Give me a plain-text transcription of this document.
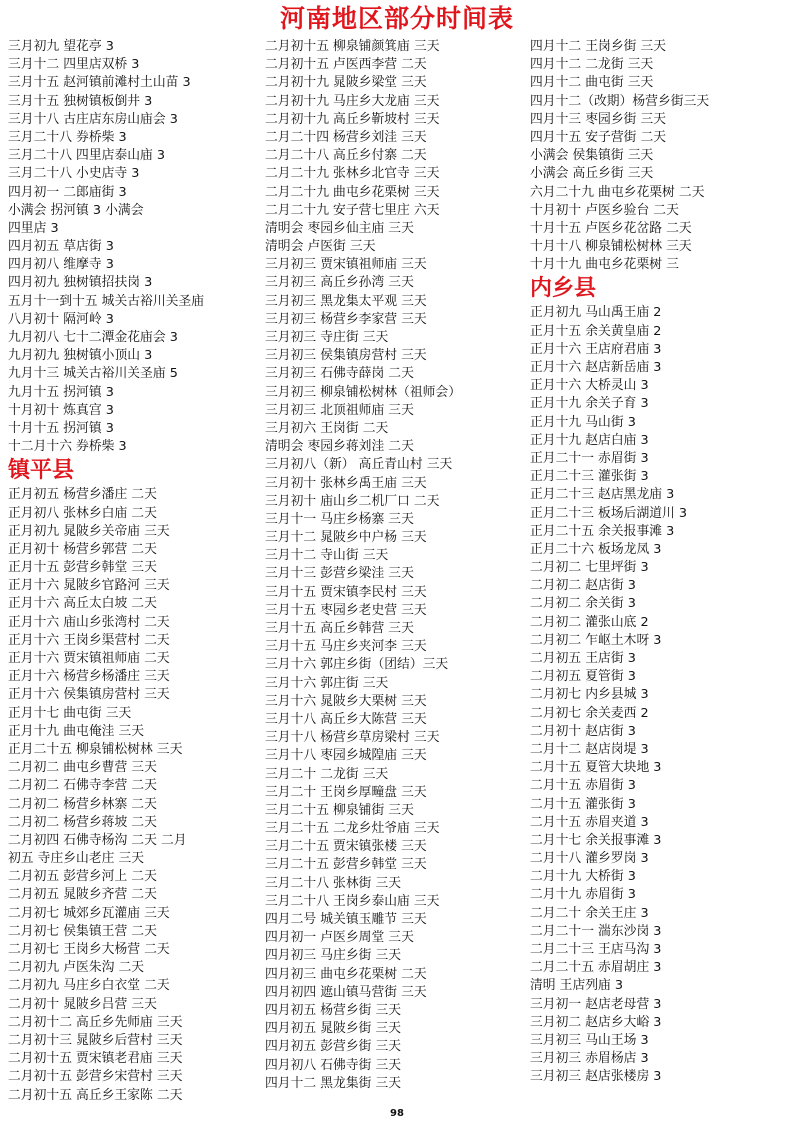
河南地区部分时间表
三月初九 望花亭 3
三月十二 四里店双桥 3
三月十五 赵河镇前滩村土山苗 3
三月十五 独树镇板倒井 3
三月十八 古庄店东房山庙会 3
三月二十八 券桥柴 3
三月二十八 四里店泰山庙 3
三月二十八 小史店寺 3
四月初一 二郎庙街 3
小满会 拐河镇 3 小满会
四里店 3
四月初五 草店街 3
四月初八 维摩寺 3
四月初九 独树镇招扶岗 3
五月十一到十五 城关古裕川关圣庙
八月初十 隔河岭 3
九月初八 七十二潭金花庙会 3
九月初九 独树镇小顶山 3
九月十三 城关古裕川关圣庙 5
九月十五 拐河镇 3
十月初十 炼真宫 3
十月十五 拐河镇 3
十二月十六 券桥柴 3
镇平县
正月初五 杨营乡潘庄 二天
正月初八 张林乡白庙 二天
正月初九 晁陂乡关帝庙 三天
正月初十 杨营乡郭营 二天
正月十五 彭营乡韩堂 三天
正月十六 晁陂乡官路河 三天
正月十六 高丘太白坡 二天
正月十六 庙山乡张湾村 二天
正月十六 王岗乡渠营村 二天
正月十六 贾宋镇祖师庙 二天
正月十六 杨营乡杨潘庄 三天
正月十六 侯集镇房营村 三天
正月十七 曲屯街 三天
正月十九 曲屯俺洼 三天
正月二十五 柳泉铺松树林 三天
二月初二 曲屯乡曹营 三天
二月初二 石佛寺李营 二天
二月初二 杨营乡林寨 二天
二月初二 杨营乡蒋坡 二天
二月初四 石佛寺杨沟 二天 二月
初五 寺庄乡山老庄 三天
二月初五 彭营乡河上 二天
二月初五 晁陂乡齐营 二天
二月初七 城郊乡瓦灌庙 三天
二月初七 侯集镇王营 二天
二月初七 王岗乡大杨营 二天
二月初九 卢医朱沟 二天
二月初九 马庄乡白衣堂 二天
二月初十 晁陂乡吕营 三天
二月初十二 高丘乡先师庙 三天
二月初十三 晁陂乡后营村 三天
二月初十五 贾宋镇老君庙 三天
二月初十五 彭营乡宋营村 三天
二月初十五 高丘乡王家陈 二天
二月初十五 柳泉铺颜箕庙 三天
二月初十五 卢医西李营 二天
二月初十九 晁陂乡梁堂 三天
二月初十九 马庄乡大龙庙 三天
二月初十九 高丘乡靳坡村 三天
二月二十四 杨营乡刘洼 三天
二月二十八 高丘乡付寨 二天
二月二十九 张林乡北官寺 三天
二月二十九 曲屯乡花栗树 三天
二月二十九 安子营七里庄 六天
清明会 枣园乡仙主庙 三天
清明会 卢医街 三天
三月初三 贾宋镇祖师庙 三天
三月初三 高丘乡孙湾 三天
三月初三 黑龙集太平观 三天
三月初三 杨营乡李家营 三天
三月初三 寺庄街 三天
三月初三 侯集镇房营村 三天
三月初三 石佛寺薛岗 二天
三月初三 柳泉铺松树林（祖师会）
三月初三 北顶祖师庙 三天
三月初六 王岗街 二天
清明会 枣园乡蒋刘洼 二天
三月初八（新） 高丘青山村 三天
三月初十 张林乡禹王庙 三天
三月初十 庙山乡二机厂口 二天
三月十一 马庄乡杨寨 三天
三月十二 晁陂乡中户杨 三天
三月十二 寺山街 三天
三月十三 彭营乡梁洼 三天
三月十五 贾宋镇李民村 三天
三月十五 枣园乡老史营 三天
三月十五 高丘乡韩营 三天
三月十五 马庄乡夹河李 三天
三月十六 郭庄乡街（团结）三天
三月十六 郭庄街 三天
三月十六 晁陂乡大栗树 三天
三月十八 高丘乡大陈营 三天
三月十八 杨营乡草房梁村 三天
三月十八 枣园乡城隍庙 三天
三月二十 二龙街 三天
三月二十 王岗乡厚疃盘 三天
三月二十五 柳泉铺街 三天
三月二十五 二龙乡灶爷庙 三天
三月二十五 贾宋镇张楼 三天
三月二十五 彭营乡韩堂 三天
三月二十八 张林街 三天
三月二十八 王岗乡泰山庙 三天
四月二号 城关镇玉雕节 三天
四月初一 卢医乡周堂 三天
四月初三 马庄乡街 三天
四月初三 曲屯乡花栗树 二天
四月初四 遮山镇马营街 三天
四月初五 杨营乡街 三天
四月初五 晁陂乡街 三天
四月初五 彭营乡街 三天
四月初八 石佛寺街 三天
四月十二 黑龙集街 三天
四月十二 王岗乡街 三天
四月十二 二龙街 三天
四月十二 曲屯街 三天
四月十二（改期）杨营乡街三天
四月十三 枣园乡街 三天
四月十五 安子营街 二天
小满会 侯集镇街 三天
小满会 高丘乡街 三天
六月二十九 曲屯乡花栗树 二天
十月初十 卢医乡验台 二天
十月十五 卢医乡花岔路 二天
十月十八 柳泉铺松树林 三天
十月十九 曲屯乡花栗树 三
内乡县
正月初九 马山禹王庙 2
正月十五 余关黄皇庙 2
正月十六 王店府君庙 3
正月十六 赵店新岳庙 3
正月十六 大桥灵山 3
正月十九 余关子育 3
正月十九 马山街 3
正月十九 赵店白庙 3
正月二十一 赤眉街 3
正月二十三 灌张街 3
正月二十三 赵店黑龙庙 3
正月二十三 板场后湖道川 3
正月二十五 余关报事滩 3
正月二十六 板场龙凤 3
二月初二 七里坪街 3
二月初二 赵店街 3
二月初二 余关街 3
二月初二 灌张山底 2
二月初二 乍岖土木呀 3
二月初五 王店街 3
二月初五 夏管街 3
二月初七 内乡县城 3
二月初七 余关麦西 2
二月初十 赵店街 3
二月十二 赵店岗堤 3
二月十五 夏管大块地 3
二月十五 赤眉街 3
二月十五 灌张街 3
二月十五 赤眉夹道 3
二月十七 余关报事滩 3
二月十八 灌乡罗岗 3
二月十九 大桥街 3
二月十九 赤眉街 3
二月二十 余关王庄 3
二月二十一 湍东沙岗 3
二月二十三 王店马沟 3
二月二十五 赤眉胡庄 3
清明 王店列庙 3
三月初一 赵店老母营 3
三月初二 赵店乡大峪 3
三月初三 马山王场 3
三月初三 赤眉杨店 3
三月初三 赵店张楼房 3
98
